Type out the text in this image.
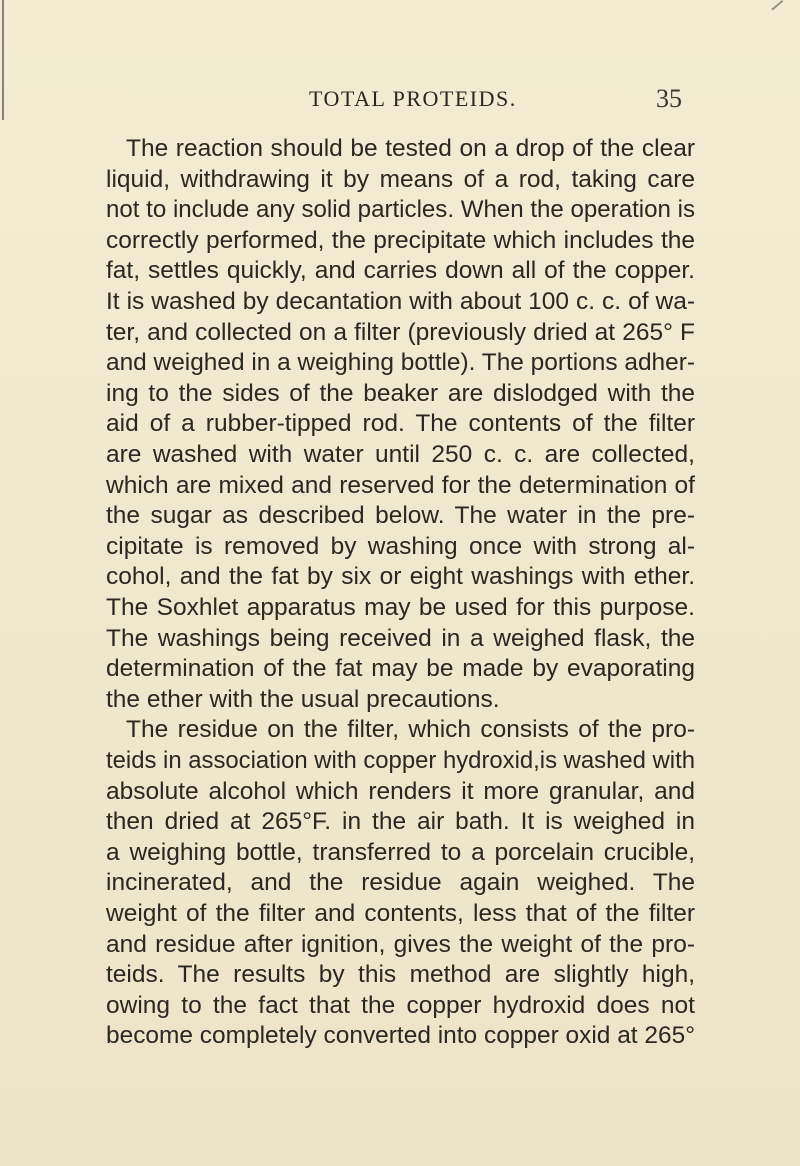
TOTAL PROTEIDS.	35
The reaction should be tested on a drop of the clear
liquid, withdrawing it by means of a rod, taking care
not to include any solid particles. When the operation is
correctly performed, the precipitate which includes the
fat, settles quickly, and carries down all of the copper.
It is washed by decantation with about 100 c. c. of wa-
ter, and collected on a filter (previously dried at 265° F
and weighed in a weighing bottle). The portions adher-
ing to the sides of the beaker are dislodged with the
aid of a rubber-tipped rod. The contents of the filter
are washed with water until 250 c. c. are collected,
which are mixed and reserved for the determination of
the sugar as described below. The water in the pre-
cipitate is removed by washing once with strong al-
cohol, and the fat by six or eight washings with ether.
The Soxhlet apparatus may be used for this purpose.
The washings being received in a weighed flask, the
determination of the fat may be made by evaporating
the ether with the usual precautions.
The residue on the filter, which consists of the pro-
teids in association with copper hydroxid,is washed with
absolute alcohol which renders it more granular, and
then dried at 265°F. in the air bath. It is weighed in
a weighing bottle, transferred to a porcelain crucible,
incinerated, and the residue again weighed. The
weight of the filter and contents, less that of the filter
and residue after ignition, gives the weight of the pro-
teids. The results by this method are slightly high,
owing to the fact that the copper hydroxid does not
become completely converted into copper oxid at 265°
